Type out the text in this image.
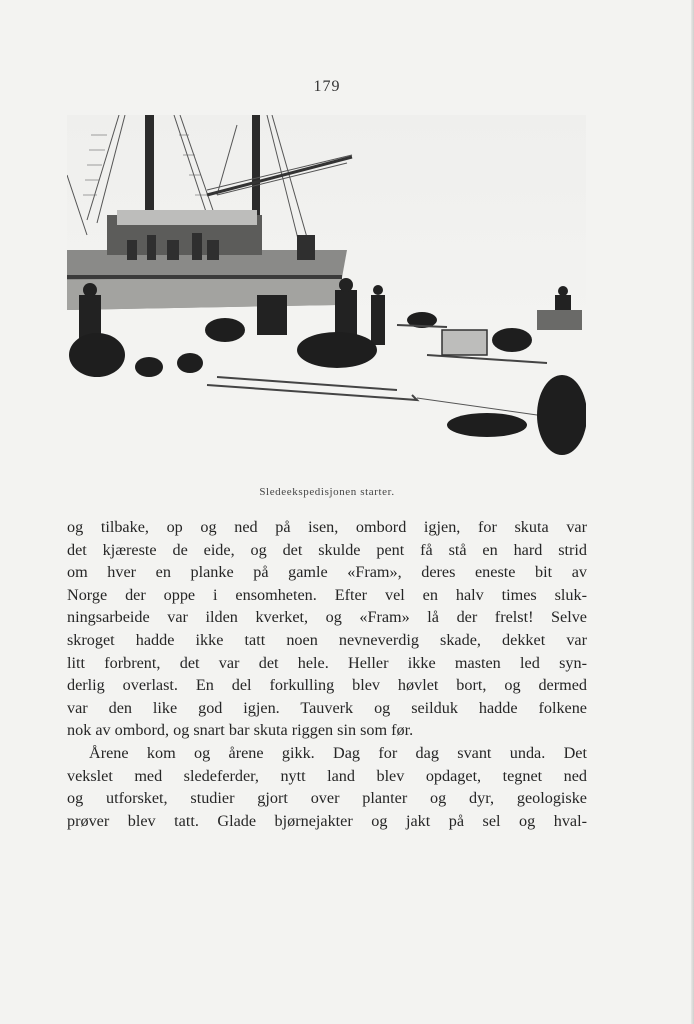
179
Sledeekspedisjonen starter.
og tilbake, op og ned på isen, ombord igjen, for skuta var
det kjæreste de eide, og det skulde pent få stå en hard strid
om hver en planke på gamle «Fram», deres eneste bit av
Norge der oppe i ensomheten. Efter vel en halv times sluk-
ningsarbeide var ilden kverket, og «Fram» lå der frelst! Selve
skroget hadde ikke tatt noen nevneverdig skade, dekket var
litt forbrent, det var det hele. Heller ikke masten led syn-
derlig overlast. En del forkulling blev høvlet bort, og dermed
var den like god igjen. Tauverk og seilduk hadde folkene
nok av ombord, og snart bar skuta riggen sin som før.
Årene kom og årene gikk. Dag for dag svant unda. Det
vekslet med sledeferder, nytt land blev opdaget, tegnet ned
og utforsket, studier gjort over planter og dyr, geologiske
prøver blev tatt. Glade bjørnejakter og jakt på sel og hval-
